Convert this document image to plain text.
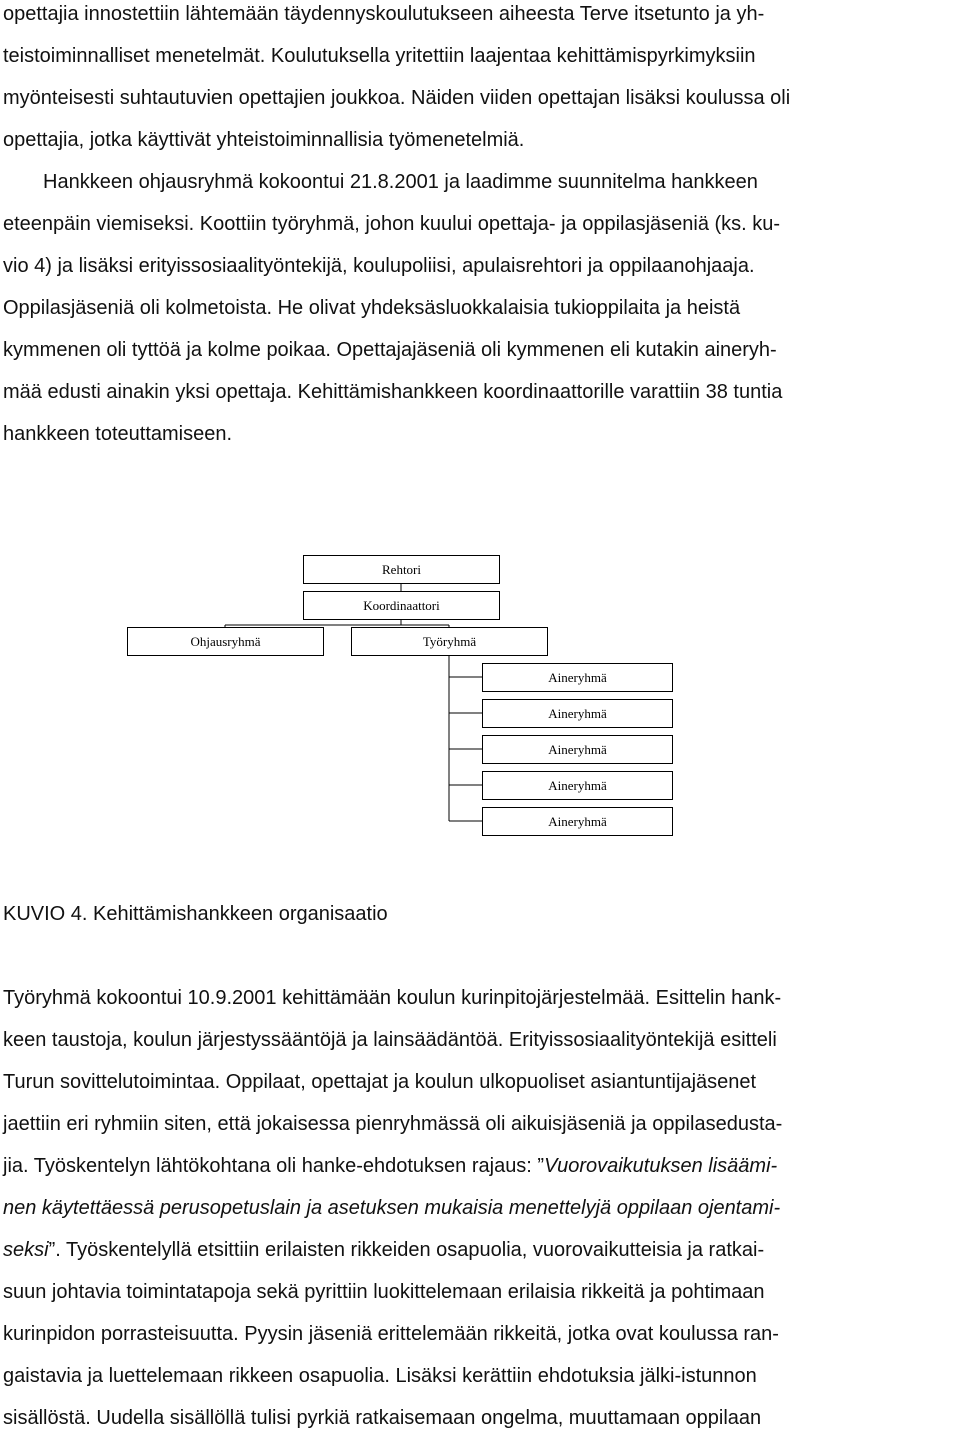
opettajia innostettiin lähtemään täydennyskoulutukseen aiheesta Terve itsetunto ja yh-
teistoiminnalliset menetelmät. Koulutuksella yritettiin laajentaa kehittämispyrkimyksiin
myönteisesti suhtautuvien opettajien joukkoa. Näiden viiden opettajan lisäksi koulussa oli
opettajia, jotka käyttivät yhteistoiminnallisia työmenetelmiä.
Hankkeen ohjausryhmä kokoontui 21.8.2001 ja laadimme suunnitelma hankkeen
eteenpäin viemiseksi. Koottiin työryhmä, johon kuului opettaja- ja oppilasjäseniä (ks. ku-
vio 4) ja lisäksi erityissosiaalityöntekijä, koulupoliisi, apulaisrehtori ja oppilaanohjaaja.
Oppilasjäseniä oli kolmetoista. He olivat yhdeksäsluokkalaisia tukioppilaita ja heistä
kymmenen oli tyttöä ja kolme poikaa. Opettajajäseniä oli kymmenen eli kutakin aineryh-
mää edusti ainakin yksi opettaja. Kehittämishankkeen koordinaattorille varattiin 38 tuntia
hankkeen toteuttamiseen.
Rehtori
Koordinaattori
Ohjausryhmä	Työryhmä
Aineryhmä
Aineryhmä
Aineryhmä
Aineryhmä
Aineryhmä
KUVIO 4. Kehittämishankkeen organisaatio
Työryhmä kokoontui 10.9.2001 kehittämään koulun kurinpitojärjestelmää. Esittelin hank-
keen taustoja, koulun järjestyssääntöjä ja lainsäädäntöä. Erityissosiaalityöntekijä esitteli
Turun sovittelutoimintaa. Oppilaat, opettajat ja koulun ulkopuoliset asiantuntijajäsenet
jaettiin eri ryhmiin siten, että jokaisessa pienryhmässä oli aikuisjäseniä ja oppilasedusta-
jia. Työskentelyn lähtökohtana oli hanke-ehdotuksen rajaus: ”Vuorovaikutuksen lisäämi-
nen käytettäessä perusopetuslain ja asetuksen mukaisia menettelyjä oppilaan ojentami-
seksi”. Työskentelyllä etsittiin erilaisten rikkeiden osapuolia, vuorovaikutteisia ja ratkai-
suun johtavia toimintatapoja sekä pyrittiin luokittelemaan erilaisia rikkeitä ja pohtimaan
kurinpidon porrasteisuutta. Pyysin jäseniä erittelemään rikkeitä, jotka ovat koulussa ran-
gaistavia ja luettelemaan rikkeen osapuolia. Lisäksi kerättiin ehdotuksia jälki-istunnon
sisällöstä. Uudella sisällöllä tulisi pyrkiä ratkaisemaan ongelma, muuttamaan oppilaan
